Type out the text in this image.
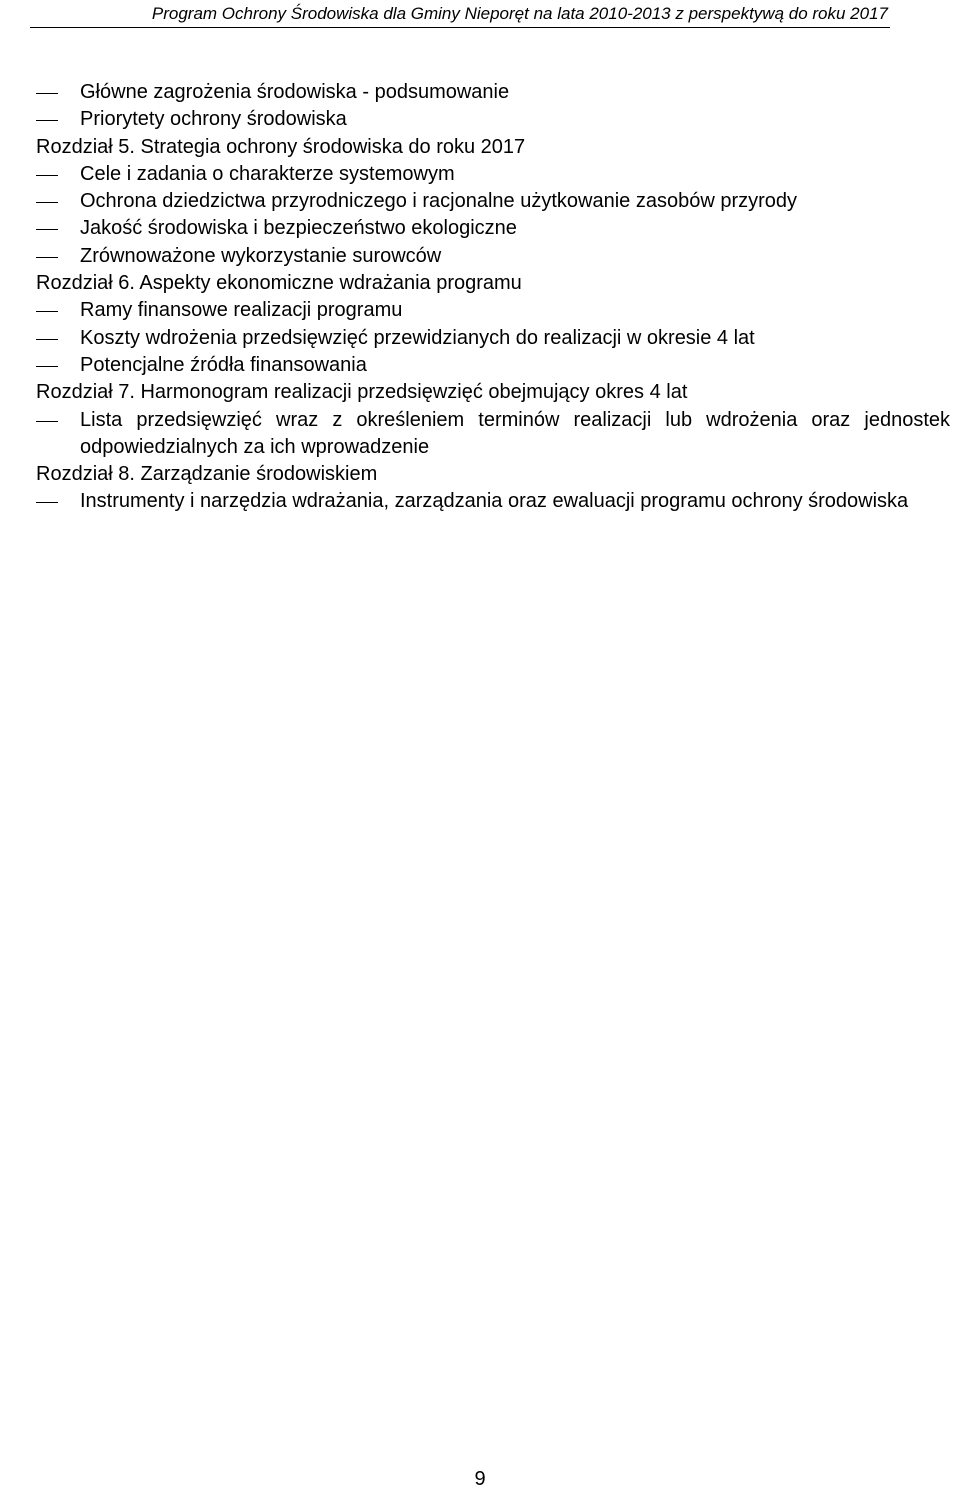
Program Ochrony Środowiska dla Gminy Nieporęt na lata 2010-2013 z perspektywą do roku 2017

Główne zagrożenia środowiska - podsumowanie

Priorytety ochrony środowiska

Rozdział 5. Strategia ochrony środowiska do roku 2017

Cele i zadania o charakterze systemowym

Ochrona dziedzictwa przyrodniczego i racjonalne użytkowanie zasobów przyrody

Jakość środowiska i bezpieczeństwo ekologiczne

Zrównoważone wykorzystanie surowców

Rozdział 6. Aspekty ekonomiczne wdrażania programu

Ramy finansowe realizacji programu

Koszty wdrożenia przedsięwzięć przewidzianych do realizacji w okresie 4 lat

Potencjalne źródła finansowania

Rozdział 7. Harmonogram realizacji przedsięwzięć obejmujący okres 4 lat

Lista przedsięwzięć wraz z określeniem terminów realizacji lub wdrożenia oraz jednostek odpowiedzialnych za ich wprowadzenie

Rozdział 8. Zarządzanie środowiskiem

Instrumenty i narzędzia wdrażania, zarządzania oraz ewaluacji programu ochrony środowiska

9
